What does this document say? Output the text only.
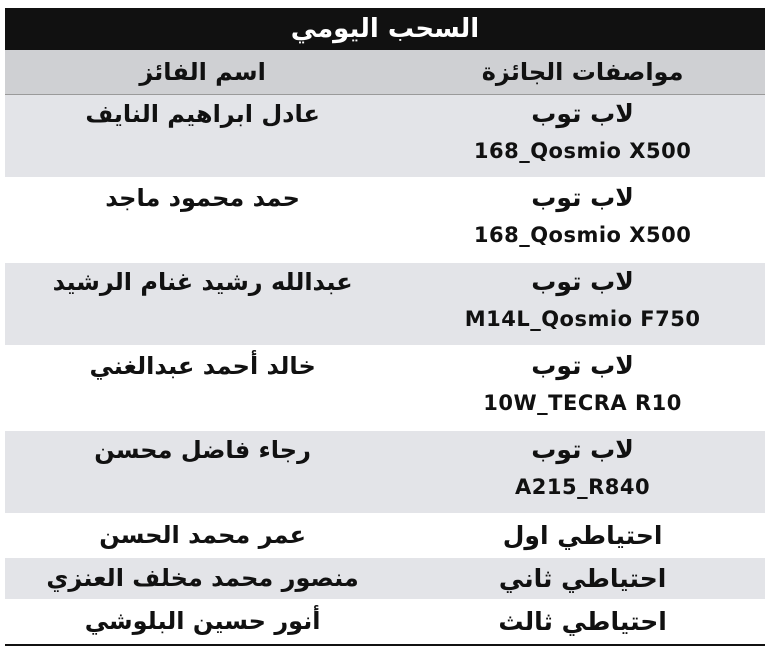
السحب اليومي
مواصفات الجائزة	اسم الفائز

لاب توب
168_Qosmio X500	عادل ابراهيم النايف

لاب توب
168_Qosmio X500	حمد محمود ماجد

لاب توب
M14L_Qosmio F750	عبدالله رشيد غنام الرشيد

لاب توب
10W_TECRA R10	خالد أحمد عبدالغني

لاب توب
A215_R840	رجاء فاضل محسن

احتياطي اول	عمر محمد الحسن

احتياطي ثاني	منصور محمد مخلف العنزي

احتياطي ثالث	أنور حسين البلوشي
